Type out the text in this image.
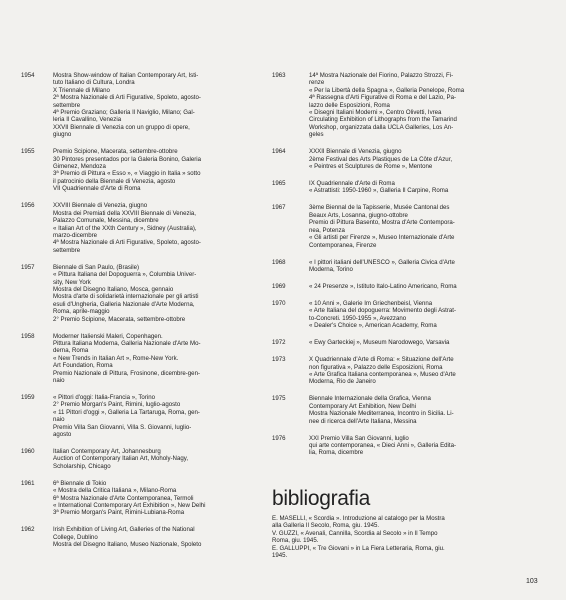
1954	Mostra Show-window of Italian Contemporary Art, Isti-
tuto Italiano di Cultura, Londra
X Triennale di Milano
2ª Mostra Nazionale di Arti Figurative, Spoleto, agosto-
settembre
4ª Premio Graziano; Galleria Il Naviglio, Milano; Gal-
leria Il Cavallino, Venezia
XXVII Biennale di Venezia con un gruppo di opere,
giugno
1955	Premio Scipione, Macerata, settembre-ottobre
30 Pintores presentados por la Galeria Bonino, Galeria
Gimenez, Mendoza
3ª Premio di Pittura « Esso », « Viaggio in Italia » sotto
il patrocinio della Biennale di Venezia, agosto
VII Quadriennale d'Arte di Roma
1956	XXVIII Biennale di Venezia, giugno
Mostra dei Premiati della XXVIII Biennale di Venezia,
Palazzo Comunale, Messina, dicembre
« Italian Art of the XXth Century », Sidney (Australia),
marzo-dicembre
4ª Mostra Nazionale di Arti Figurative, Spoleto, agosto-
settembre
1957	Biennale di San Paulo, (Brasile)
« Pittura Italiana del Dopoguerra », Columbia Univer-
sity, New York
Mostra del Disegno Italiano, Mosca, gennaio
Mostra d'arte di solidarietà internazionale per gli artisti
esuli d'Ungheria, Galleria Nazionale d'Arte Moderna,
Roma, aprile-maggio
2° Premio Scipione, Macerata, settembre-ottobre
1958	Moderner Italienski Maleri, Copenhagen.
Pittura Italiana Moderna, Galleria Nazionale d'Arte Mo-
derna, Roma
« New Trends in Italian Art », Rome-New York.
Art Foundation, Roma
Premio Nazionale di Pittura, Frosinone, dicembre-gen-
naio
1959	« Pittori d'oggi: Italia-Francia », Torino
2° Premio Morgan's Paint, Rimini, luglio-agosto
« 11 Pittori d'oggi », Galleria La Tartaruga, Roma, gen-
naio
Premio Villa San Giovanni, Villa S. Giovanni, luglio-
agosto
1960	Italian Contemporary Art, Johannesburg
Auction of Contemporary Italian Art, Moholy-Nagy,
Scholarship, Chicago
1961	6ª Biennale di Tokio
« Mostra della Critica Italiana », Milano-Roma
6ª Mostra Nazionale d'Arte Contemporanea, Termoli
« International Contemporary Art Exhibition », New Delhi
3ª Premio Morgan's Paint, Rimini-Lubiana-Roma
1962	Irish Exhibition of Living Art, Galleries of the National
College, Dublino
Mostra del Disegno Italiano, Museo Nazionale, Spoleto
1963	14ª Mostra Nazionale del Fiorino, Palazzo Strozzi, Fi-
renze
« Per la Libertà della Spagna », Galleria Penelope, Roma
4ª Rassegna d'Arti Figurative di Roma e del Lazio, Pa-
lazzo delle Esposizioni, Roma
« Disegni Italiani Moderni », Centro Olivetti, Ivrea
Circulating Exhibition of Lithographs from the Tamarind
Workshop, organizzata dalla UCLA Galleries, Los An-
geles
1964	XXXII Biennale di Venezia, giugno
2ème Festival des Arts Plastiques de La Côte d'Azur,
« Peintres et Sculptures de Rome », Mentone
1965	IX Quadriennale d'Arte di Roma
« Astrattisti: 1950-1960 », Galleria Il Carpine, Roma
1967	3ème Biennal de la Tapisserie, Musée Cantonal des
Beaux Arts, Losanna, giugno-ottobre
Premio di Pittura Basento, Mostra d'Arte Contempora-
nea, Potenza
« Gli artisti per Firenze », Museo Internazionale d'Arte
Contemporanea, Firenze
1968	« I pittori italiani dell'UNESCO », Galleria Civica d'Arte
Moderna, Torino
1969	« 24 Presenze », Istituto Italo-Latino Americano, Roma
1970	« 10 Anni », Galerie Im Griechenbeisl, Vienna
« Arte Italiana del dopoguerra: Movimento degli Astrat-
to-Concreti. 1950-1955 », Avezzano
« Dealer's Choice », American Academy, Roma
1972	« Ewy Garteckiej », Museum Narodowego, Varsavia
1973	X Quadriennale d'Arte di Roma: « Situazione dell'Arte
non figurativa », Palazzo delle Esposizioni, Roma
« Arte Grafica Italiana contemporanea », Museo d'Arte
Moderna, Rio de Janeiro
1975	Biennale Internazionale della Grafica, Vienna
Contemporary Art Exhibition, New Delhi
Mostra Nazionale Mediterranea, Incontro in Sicilia. Li-
nee di ricerca dell'Arte Italiana, Messina
1976	XXI Premio Villa San Giovanni, luglio
qui arte contemporanea, « Dieci Anni », Galleria Edita-
lia, Roma, dicembre
bibliografia
E. MASELLI, « Scordia ». Introduzione al catalogo per la Mostra
alla Galleria Il Secolo, Roma, giu. 1945.
V. GUZZI, « Avenali, Cannilla, Scordia al Secolo » in Il Tempo
Roma, giu. 1945.
E. GALLUPPI, « Tre Giovani » in La Fiera Letteraria, Roma, giu.
1945.
103
